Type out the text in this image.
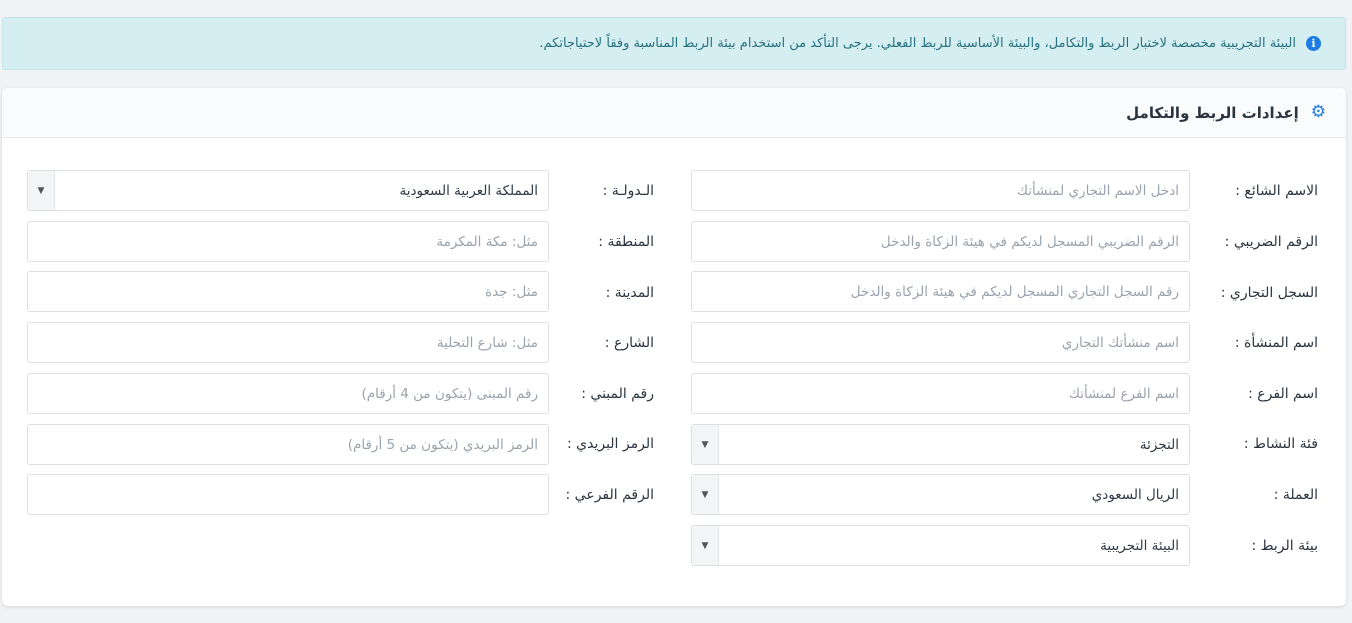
i
البيئة التجريبية مخصصة لاختبار الربط والتكامل، والبيئة الأساسية للربط الفعلي. يرجى التأكد من استخدام بيئة الربط المناسبة وفقاً لاحتياجاتكم.
⚙
إعدادات الربط والتكامل
الاسم الشائع :
ادخل الاسم التجاري لمنشأتك
الرقم الضريبي :
الرقم الضريبي المسجل لديكم في هيئة الزكاة والدخل
السجل التجاري :
رقم السجل التجاري المسجل لديكم في هيئة الزكاة والدخل
اسم المنشأة :
اسم منشأتك التجاري
اسم الفرع :
اسم الفرع لمنشأتك
فئة النشاط :
التجزئة
▼
العملة :
الريال السعودي
▼
بيئة الربط :
البيئة التجريبية
▼
الـدولـة :
المملكة العربية السعودية
▼
المنطقة :
مثل: مكة المكرمة
المدينة :
مثل: جدة
الشارع :
مثل: شارع التحلية
رقم المبني :
رقم المبنى (يتكون من 4 أرقام)
الرمز البريدي :
الرمز البريدي (يتكون من 5 أرقام)
الرقم الفرعي :
